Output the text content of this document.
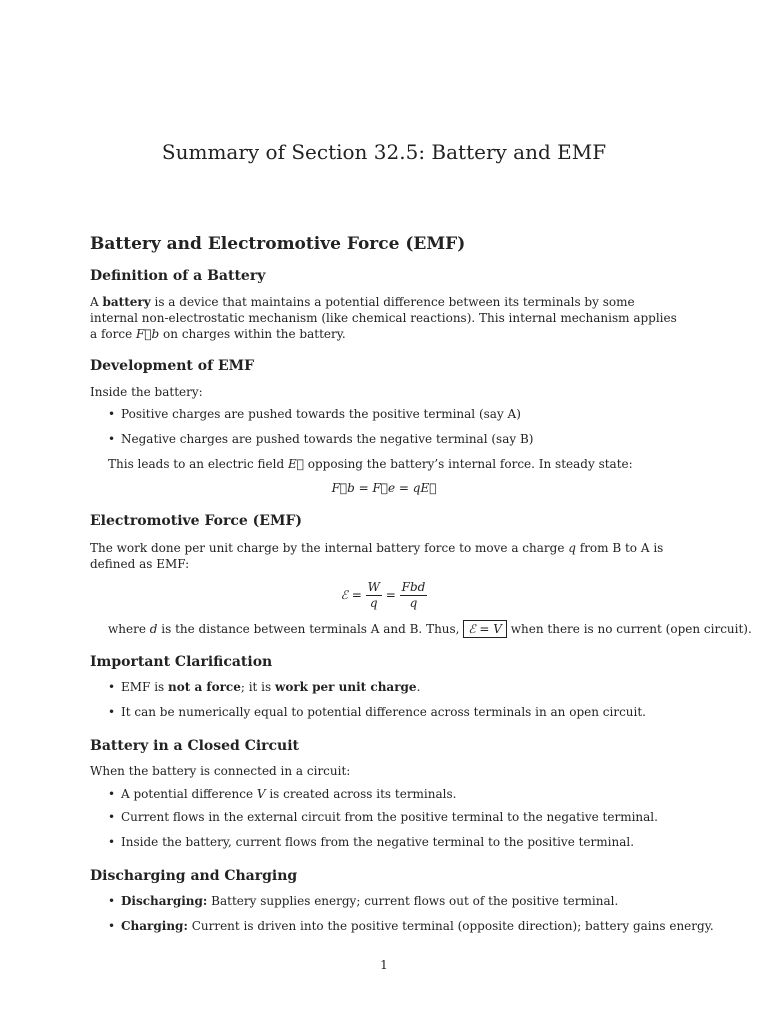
Summary of Section 32.5: Battery and EMF
Battery and Electromotive Force (EMF)
Definition of a Battery
A battery is a device that maintains a potential difference between its terminals by some internal non-electrostatic mechanism (like chemical reactions). This internal mechanism applies a force F⃗b on charges within the battery.
Development of EMF
Inside the battery:
• Positive charges are pushed towards the positive terminal (say A)
• Negative charges are pushed towards the negative terminal (say B)
This leads to an electric field E⃗ opposing the battery’s internal force. In steady state:
F⃗b = F⃗e = qE⃗
Electromotive Force (EMF)
The work done per unit charge by the internal battery force to move a charge q from B to A is defined as EMF:
ℰ = $\frac{W}{q} = \frac{\text{Fbd}}{q}$
where d is the distance between terminals A and B. Thus, ℰ = V when there is no current (open circuit).
Important Clarification
• EMF is not a force; it is work per unit charge.
• It can be numerically equal to potential difference across terminals in an open circuit.
Battery in a Closed Circuit
When the battery is connected in a circuit:
• A potential difference V is created across its terminals.
• Current flows in the external circuit from the positive terminal to the negative terminal.
• Inside the battery, current flows from the negative terminal to the positive terminal.
Discharging and Charging
• Discharging: Battery supplies energy; current flows out of the positive terminal.
• Charging: Current is driven into the positive terminal (opposite direction); battery gains energy.
1
